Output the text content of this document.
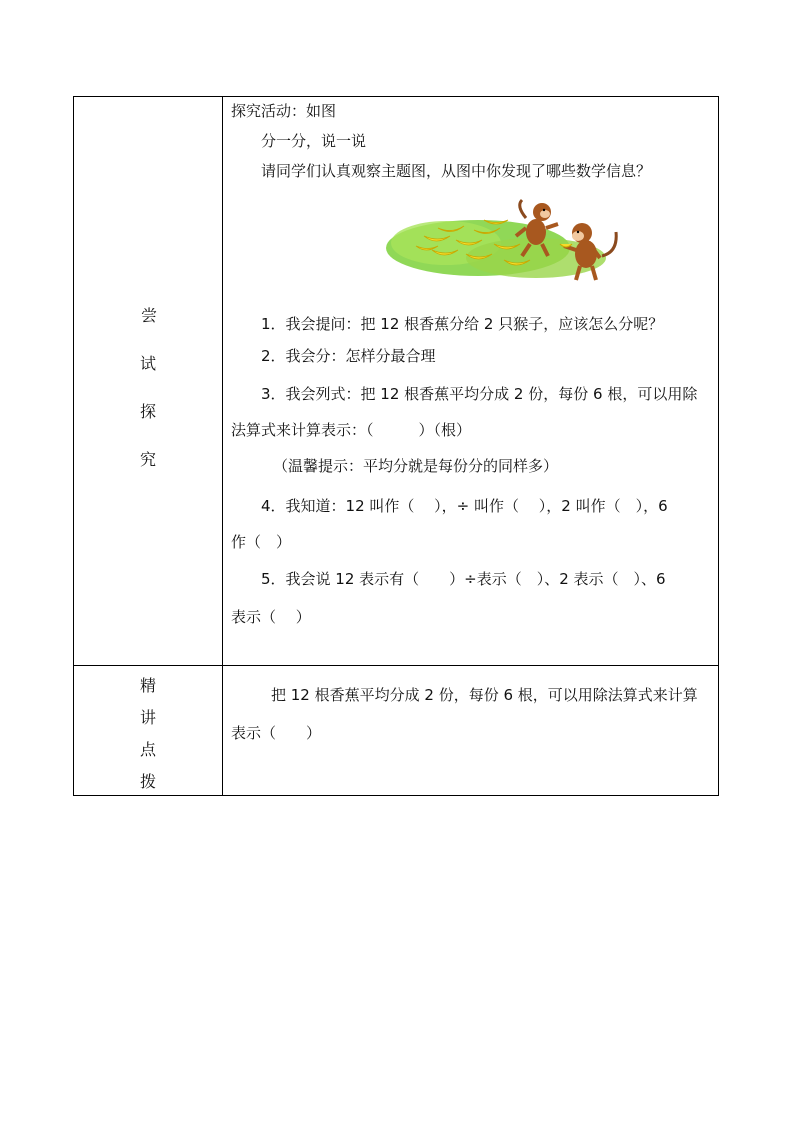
尝
试
探
究
探究活动：如图
分一分，说一说
请同学们认真观察主题图，从图中你发现了哪些数学信息？
1．我会提问：把 12 根香蕉分给 2 只猴子，应该怎么分呢？
2．我会分：怎样分最合理
3．我会列式：把 12 根香蕉平均分成 2 份，每份 6 根，可以用除
法算式来计算表示：（　　　）（根）
（温馨提示：平均分就是每份分的同样多）
4．我知道：12 叫作（　 ），÷ 叫作（　 ），2 叫作（　），6
作（　）
5．我会说 12 表示有（　　）÷表示（　）、2 表示（　）、6
表示（　 ）
精
讲
点
拨
把 12 根香蕉平均分成 2 份，每份 6 根，可以用除法算式来计算
表示（　　）
